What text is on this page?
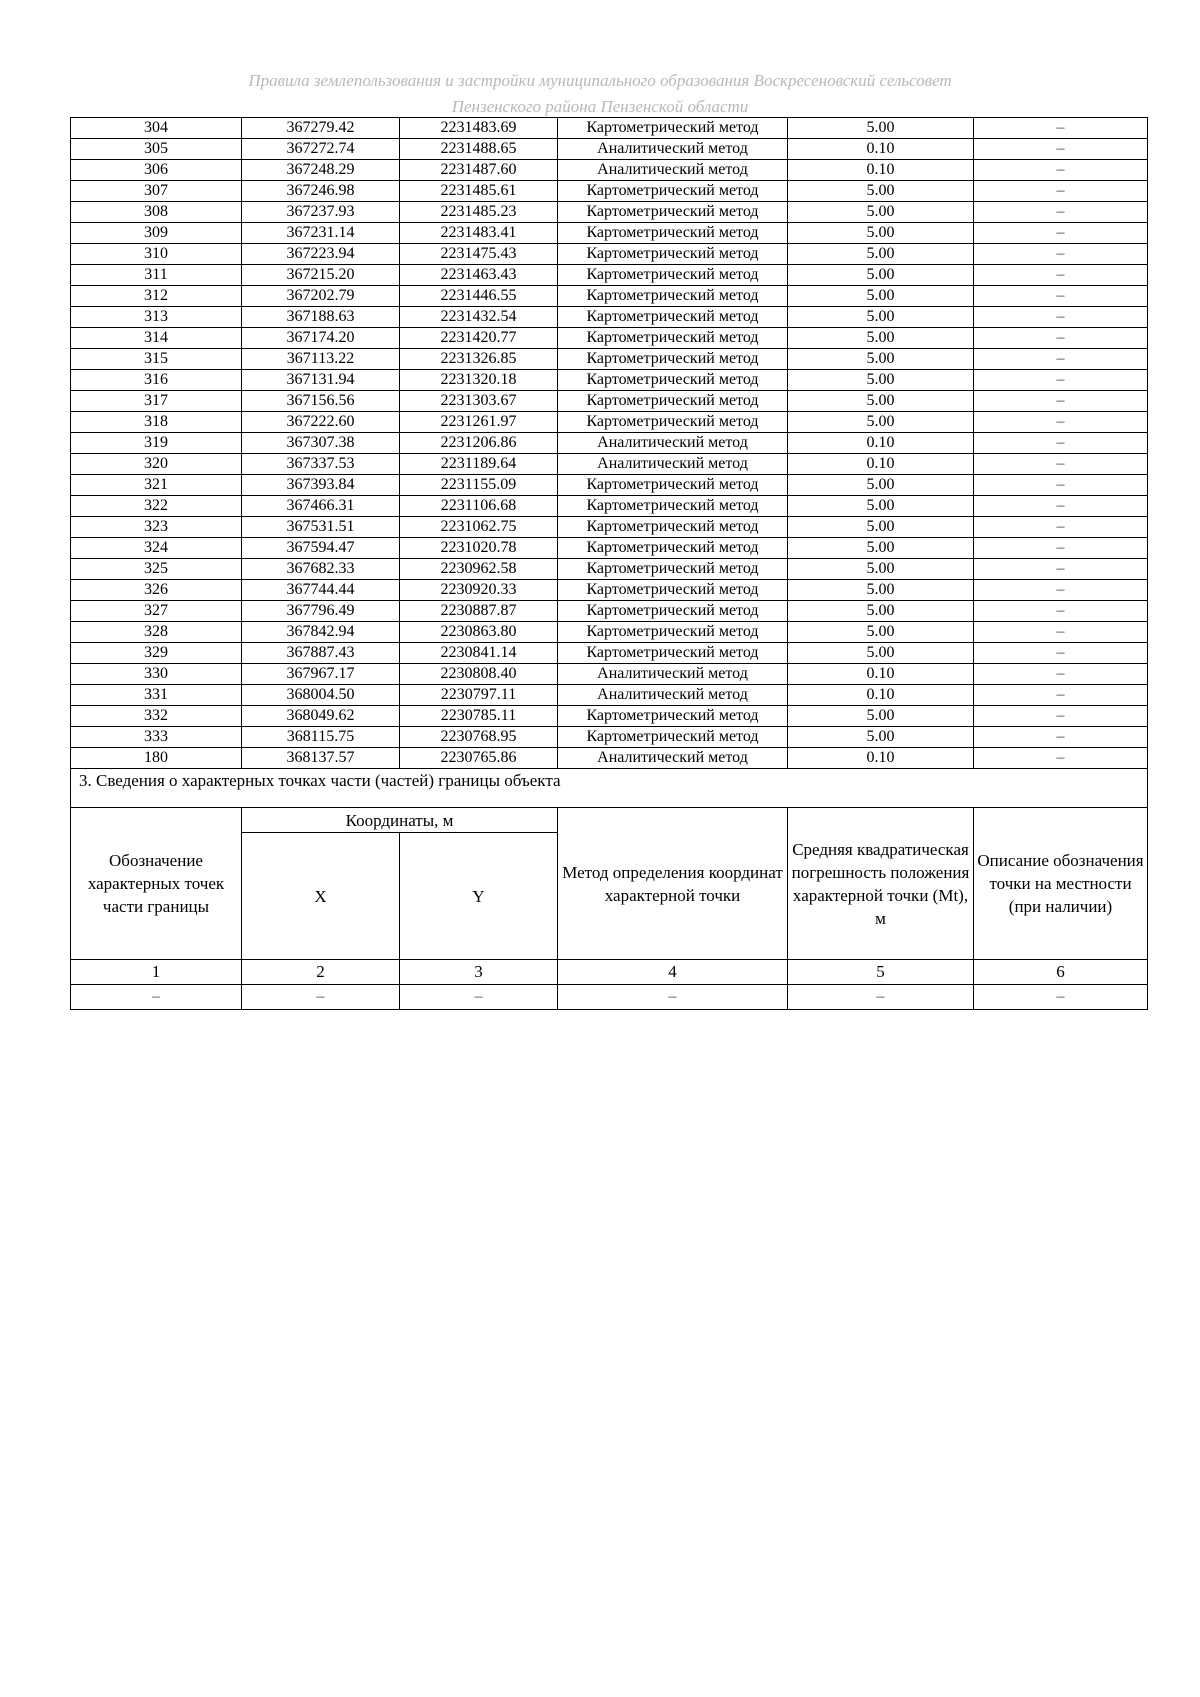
Правила землепользования и застройки муниципального образования Воскресеновский сельсовет
Пензенского района Пензенской области
304	367279.42	2231483.69	Картометрический метод	5.00	–
305	367272.74	2231488.65	Аналитический метод	0.10	–
306	367248.29	2231487.60	Аналитический метод	0.10	–
307	367246.98	2231485.61	Картометрический метод	5.00	–
308	367237.93	2231485.23	Картометрический метод	5.00	–
309	367231.14	2231483.41	Картометрический метод	5.00	–
310	367223.94	2231475.43	Картометрический метод	5.00	–
311	367215.20	2231463.43	Картометрический метод	5.00	–
312	367202.79	2231446.55	Картометрический метод	5.00	–
313	367188.63	2231432.54	Картометрический метод	5.00	–
314	367174.20	2231420.77	Картометрический метод	5.00	–
315	367113.22	2231326.85	Картометрический метод	5.00	–
316	367131.94	2231320.18	Картометрический метод	5.00	–
317	367156.56	2231303.67	Картометрический метод	5.00	–
318	367222.60	2231261.97	Картометрический метод	5.00	–
319	367307.38	2231206.86	Аналитический метод	0.10	–
320	367337.53	2231189.64	Аналитический метод	0.10	–
321	367393.84	2231155.09	Картометрический метод	5.00	–
322	367466.31	2231106.68	Картометрический метод	5.00	–
323	367531.51	2231062.75	Картометрический метод	5.00	–
324	367594.47	2231020.78	Картометрический метод	5.00	–
325	367682.33	2230962.58	Картометрический метод	5.00	–
326	367744.44	2230920.33	Картометрический метод	5.00	–
327	367796.49	2230887.87	Картометрический метод	5.00	–
328	367842.94	2230863.80	Картометрический метод	5.00	–
329	367887.43	2230841.14	Картометрический метод	5.00	–
330	367967.17	2230808.40	Аналитический метод	0.10	–
331	368004.50	2230797.11	Аналитический метод	0.10	–
332	368049.62	2230785.11	Картометрический метод	5.00	–
333	368115.75	2230768.95	Картометрический метод	5.00	–
180	368137.57	2230765.86	Аналитический метод	0.10	–
3. Сведения о характерных точках части (частей) границы объекта					
Обозначение характерных точек части границы	Координаты, м		Метод определения координат характерной точки	Средняя квадратическая погрешность положения характерной точки (Mt), м	Описание обозначения точки на местности (при наличии)
	X	Y			
1	2	3	4	5	6
–	–	–	–	–	–
